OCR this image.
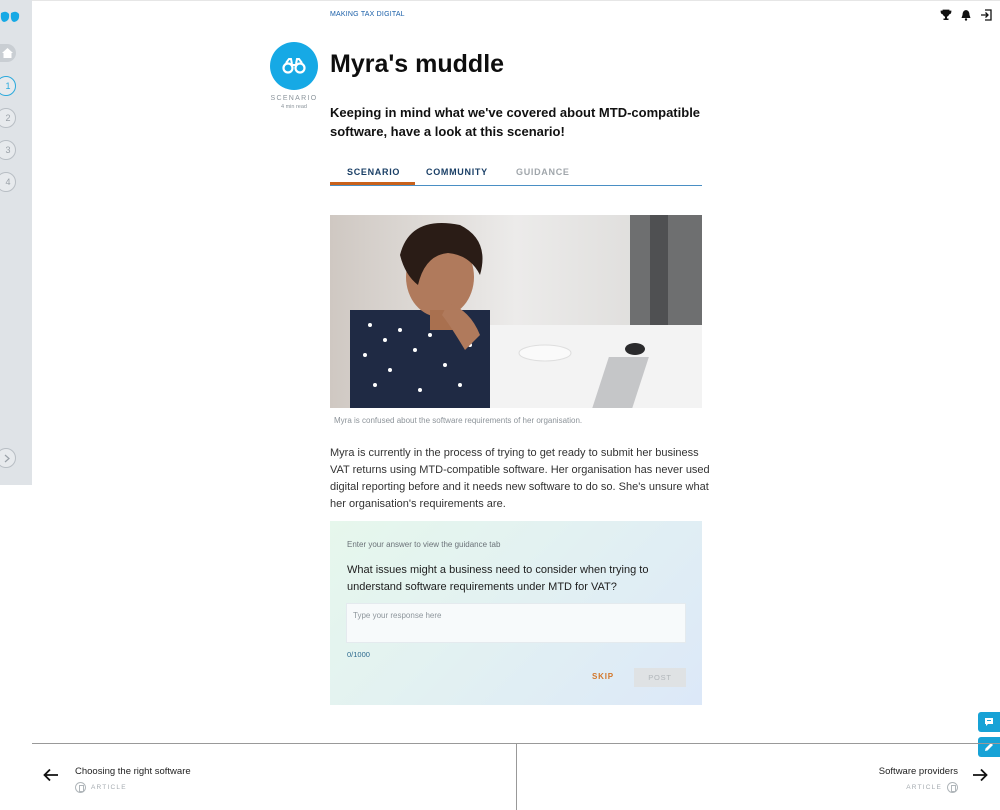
1
2
3
4
MAKING TAX DIGITAL
SCENARIO
4 min read
Myra's muddle

Keeping in mind what we've covered about MTD-compatible software, have a look at this scenario!

SCENARIO	COMMUNITY	GUIDANCE
Myra is confused about the software requirements of her organisation.

Myra is currently in the process of trying to get ready to submit her business VAT returns using MTD-compatible software. Her organisation has never used digital reporting before and it needs new software to do so. She's unsure what her organisation's requirements are.

Enter your answer to view the guidance tab
What issues might a business need to consider when trying to understand software requirements under MTD for VAT?
Type your response here
0/1000
SKIP	POST
Choosing the right software
ARTICLE
Software providers
ARTICLE
